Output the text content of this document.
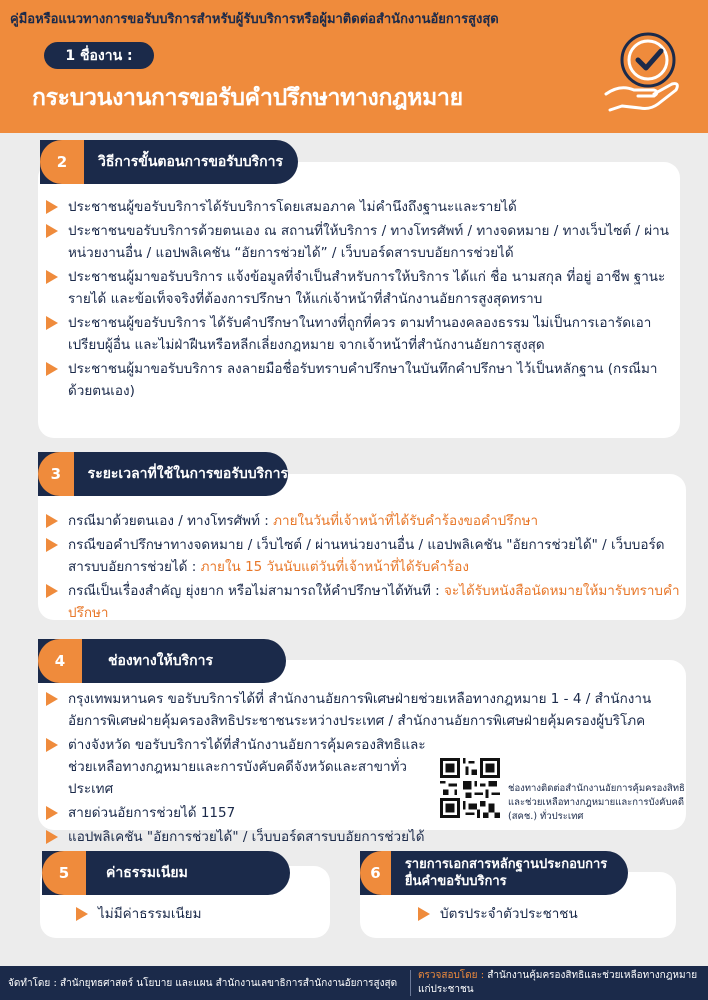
คู่มือหรือแนวทางการขอรับบริการสำหรับผู้รับบริการหรือผู้มาติดต่อสำนักงานอัยการสูงสุด
1 ชื่องาน :
กระบวนงานการขอรับคำปรึกษาทางกฎหมาย
2	วิธีการขั้นตอนการขอรับบริการ
ประชาชนผู้ขอรับบริการได้รับบริการโดยเสมอภาค ไม่คำนึงถึงฐานะและรายได้
ประชาชนขอรับบริการด้วยตนเอง ณ สถานที่ให้บริการ / ทางโทรศัพท์ / ทางจดหมาย / ทางเว็บไซต์ / ผ่านหน่วยงานอื่น / แอปพลิเคชัน “อัยการช่วยได้” / เว็บบอร์ดสารบบอัยการช่วยได้
ประชาชนผู้มาขอรับบริการ แจ้งข้อมูลที่จำเป็นสำหรับการให้บริการ ได้แก่ ชื่อ นามสกุล ที่อยู่ อาชีพ ฐานะ รายได้ และข้อเท็จจริงที่ต้องการปรึกษา ให้แก่เจ้าหน้าที่สำนักงานอัยการสูงสุดทราบ
ประชาชนผู้ขอรับบริการ ได้รับคำปรึกษาในทางที่ถูกที่ควร ตามทำนองคลองธรรม ไม่เป็นการเอารัดเอาเปรียบผู้อื่น และไม่ฝ่าฝืนหรือหลีกเลี่ยงกฎหมาย จากเจ้าหน้าที่สำนักงานอัยการสูงสุด
ประชาชนผู้มาขอรับบริการ ลงลายมือชื่อรับทราบคำปรึกษาในบันทึกคำปรึกษา ไว้เป็นหลักฐาน (กรณีมาด้วยตนเอง)
3	ระยะเวลาที่ใช้ในการขอรับบริการ
กรณีมาด้วยตนเอง / ทางโทรศัพท์ : ภายในวันที่เจ้าหน้าที่ได้รับคำร้องขอคำปรึกษา
กรณีขอคำปรึกษาทางจดหมาย / เว็บไซต์ / ผ่านหน่วยงานอื่น / แอปพลิเคชัน "อัยการช่วยได้" / เว็บบอร์ดสารบบอัยการช่วยได้ : ภายใน 15 วันนับแต่วันที่เจ้าหน้าที่ได้รับคำร้อง
กรณีเป็นเรื่องสำคัญ ยุ่งยาก หรือไม่สามารถให้คำปรึกษาได้ทันที : จะได้รับหนังสือนัดหมายให้มารับทราบคำปรึกษา
4	ช่องทางให้บริการ
กรุงเทพมหานคร ขอรับบริการได้ที่ สำนักงานอัยการพิเศษฝ่ายช่วยเหลือทางกฎหมาย 1 - 4 / สำนักงานอัยการพิเศษฝ่ายคุ้มครองสิทธิประชาชนระหว่างประเทศ / สำนักงานอัยการพิเศษฝ่ายคุ้มครองผู้บริโภค
ต่างจังหวัด ขอรับบริการได้ที่สำนักงานอัยการคุ้มครองสิทธิและช่วยเหลือทางกฎหมายและการบังคับคดีจังหวัดและสาขาทั่วประเทศ
สายด่วนอัยการช่วยได้ 1157
แอปพลิเคชัน "อัยการช่วยได้" / เว็บบอร์ดสารบบอัยการช่วยได้
ช่องทางติดต่อสำนักงานอัยการคุ้มครองสิทธิและช่วยเหลือทางกฎหมายและการบังคับคดี (สคช.) ทั่วประเทศ
5	ค่าธรรมเนียม
ไม่มีค่าธรรมเนียม
6	รายการเอกสารหลักฐานประกอบการยื่นคำขอรับบริการ
บัตรประจำตัวประชาชน
จัดทำโดย : สำนักยุทธศาสตร์ นโยบาย และแผน สำนักงานเลขาธิการสำนักงานอัยการสูงสุด
ตรวจสอบโดย : สำนักงานคุ้มครองสิทธิและช่วยเหลือทางกฎหมายแก่ประชาชน
